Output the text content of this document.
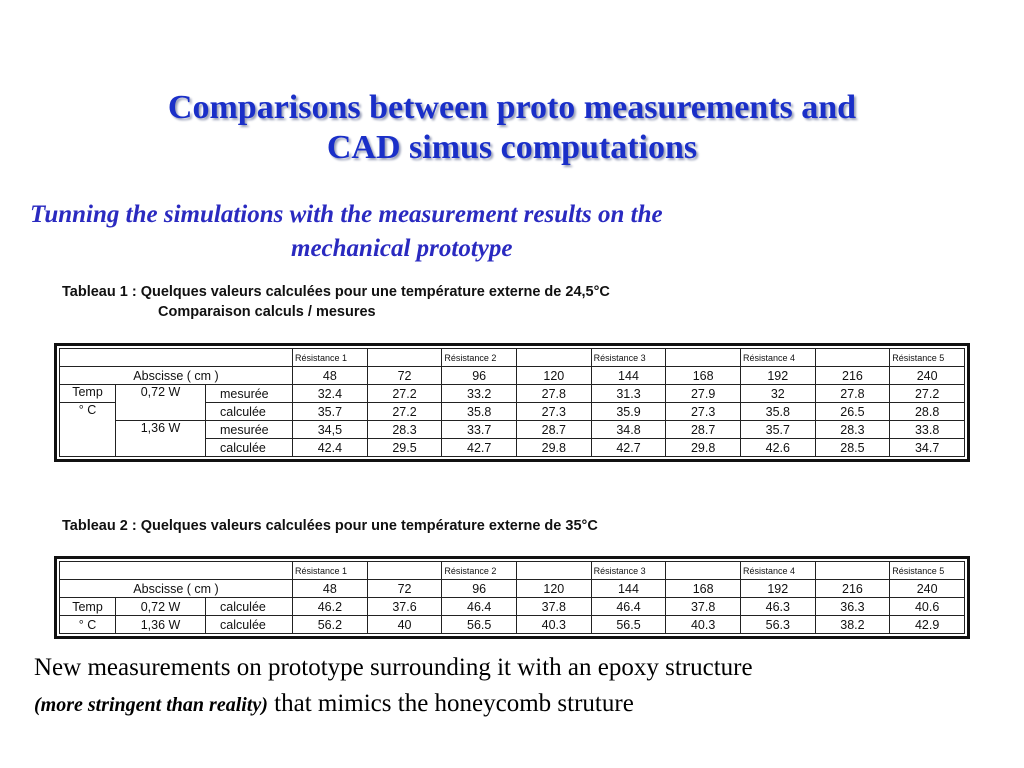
Comparisons between proto measurements and
CAD simus computations
Tunning the simulations with the measurement results on the
mechanical prototype
Tableau 1 : Quelques valeurs calculées pour une température externe de 24,5°C
Comparaison calculs / mesures
			Résistance 1		Résistance 2		Résistance 3		Résistance 4		Résistance 5
Abscisse ( cm )			48	72	96	120	144	168	192	216	240
Temp	0,72 W	mesurée	32.4	27.2	33.2	27.8	31.3	27.9	32	27.8	27.2
° C		calculée	35.7	27.2	35.8	27.3	35.9	27.3	35.8	26.5	28.8
	1,36 W	mesurée	34,5	28.3	33.7	28.7	34.8	28.7	35.7	28.3	33.8
		calculée	42.4	29.5	42.7	29.8	42.7	29.8	42.6	28.5	34.7
Tableau 2 : Quelques valeurs calculées pour une température externe de 35°C
			Résistance 1		Résistance 2		Résistance 3		Résistance 4		Résistance 5
Abscisse ( cm )			48	72	96	120	144	168	192	216	240
Temp	0,72 W	calculée	46.2	37.6	46.4	37.8	46.4	37.8	46.3	36.3	40.6
° C	1,36 W	calculée	56.2	40	56.5	40.3	56.5	40.3	56.3	38.2	42.9
New measurements on prototype surrounding it with an epoxy structure
(more stringent than reality) that mimics the honeycomb struture
